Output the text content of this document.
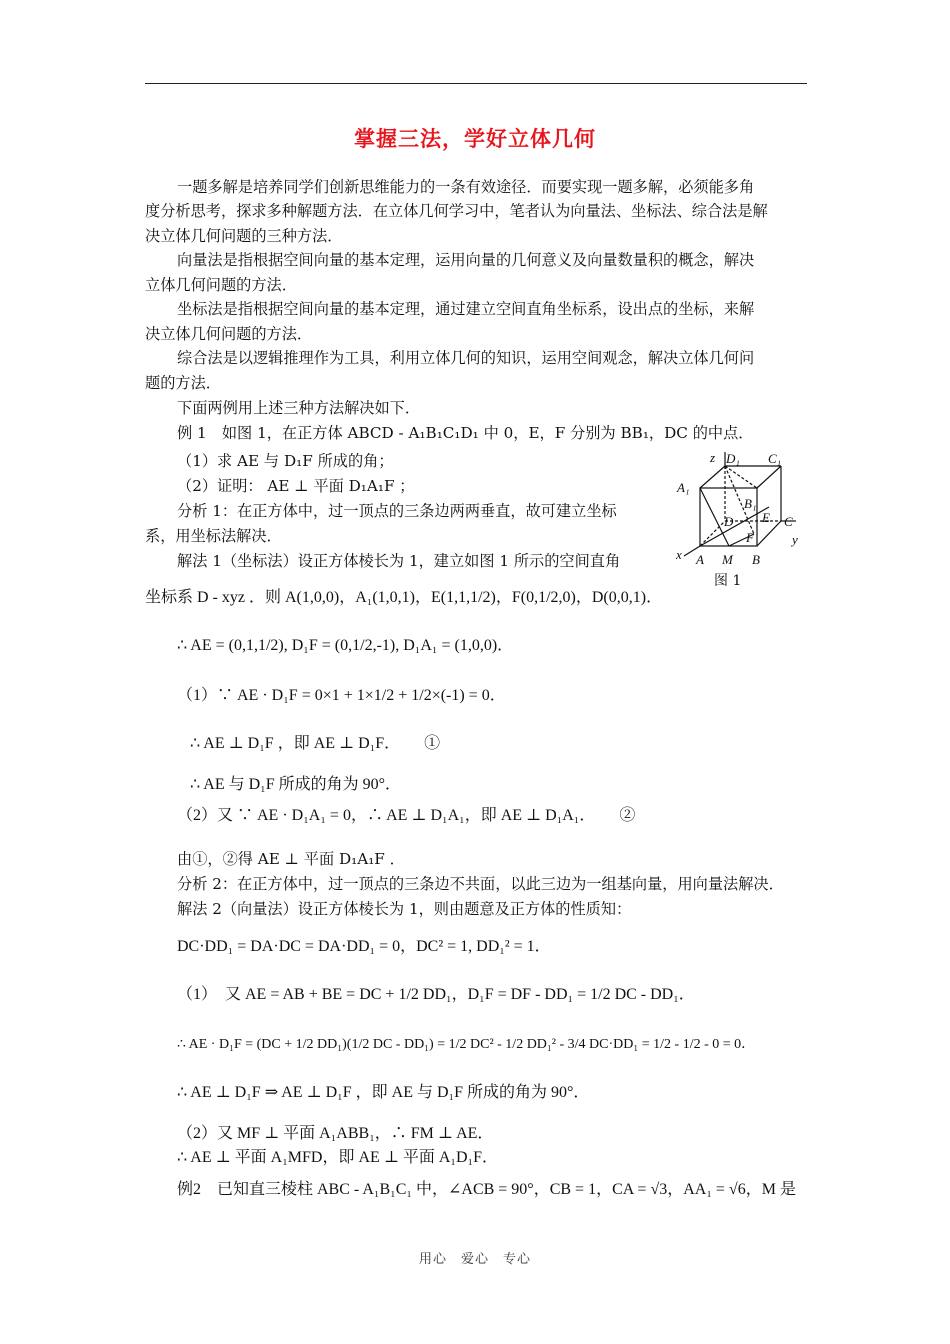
掌握三法，学好立体几何
一题多解是培养同学们创新思维能力的一条有效途径．而要实现一题多解，必须能多角
度分析思考，探求多种解题方法．在立体几何学习中，笔者认为向量法、坐标法、综合法是解
决立体几何问题的三种方法．
向量法是指根据空间向量的基本定理，运用向量的几何意义及向量数量积的概念，解决
立体几何问题的方法．
坐标法是指根据空间向量的基本定理，通过建立空间直角坐标系，设出点的坐标，来解
决立体几何问题的方法．
综合法是以逻辑推理作为工具，利用立体几何的知识，运用空间观念，解决立体几何问
题的方法．
下面两例用上述三种方法解决如下．
例 1　如图 1，在正方体 ABCD - A₁B₁C₁D₁ 中 0，E，F 分别为 BB₁，DC 的中点．
（1）求 AE 与 D₁F 所成的角；
（2）证明： AE ⊥ 平面 D₁A₁F ；
分析 1：在正方体中，过一顶点的三条边两两垂直，故可建立坐标
系，用坐标法解决．
解法 1（坐标法）设正方体棱长为 1，建立如图 1 所示的空间直角
坐标系 D - xyz ．则 A(1,0,0)，A₁(1,0,1)，E(1,1,1/2)，F(0,1/2,0)，D(0,0,1)．
∴ AE = (0,1,1/2), D₁F = (0,1/2,-1), D₁A₁ = (1,0,0)．
（1）∵ AE · D₁F = 0×1 + 1×1/2 + 1/2×(-1) = 0．
∴ AE ⊥ D₁F ，即 AE ⊥ D₁F．　　①
∴ AE 与 D₁F 所成的角为 90°．
（2）又 ∵ AE · D₁A₁ = 0，∴ AE ⊥ D₁A₁，即 AE ⊥ D₁A₁．　　②
由①，②得 AE ⊥ 平面 D₁A₁F ．
分析 2：在正方体中，过一顶点的三条边不共面，以此三边为一组基向量，用向量法解决．
解法 2（向量法）设正方体棱长为 1，则由题意及正方体的性质知：
DC·DD₁ = DA·DC = DA·DD₁ = 0，DC² = 1, DD₁² = 1．
（1）　又 AE = AB + BE = DC + 1/2 DD₁，D₁F = DF - DD₁ = 1/2 DC - DD₁．
∴ AE · D₁F = (DC + 1/2 DD₁)(1/2 DC - DD₁) = 1/2 DC² - 1/2 DD₁² - 3/4 DC·DD₁ = 1/2 - 1/2 - 0 = 0．
∴ AE ⊥ D₁F ⇒ AE ⊥ D₁F ，即 AE 与 D₁F 所成的角为 90°．
（2）又 MF ⊥ 平面 A₁ABB₁，∴ FM ⊥ AE．
∴ AE ⊥ 平面 A₁MFD，即 AE ⊥ 平面 A₁D₁F．
例2　已知直三棱柱 ABC - A₁B₁C₁ 中，∠ACB = 90°，CB = 1，CA = √3，AA₁ = √6，M 是
z D₁ C₁
A₁
B₁
D E C
y
x A M B
F
图 1
用心　爱心　专心
